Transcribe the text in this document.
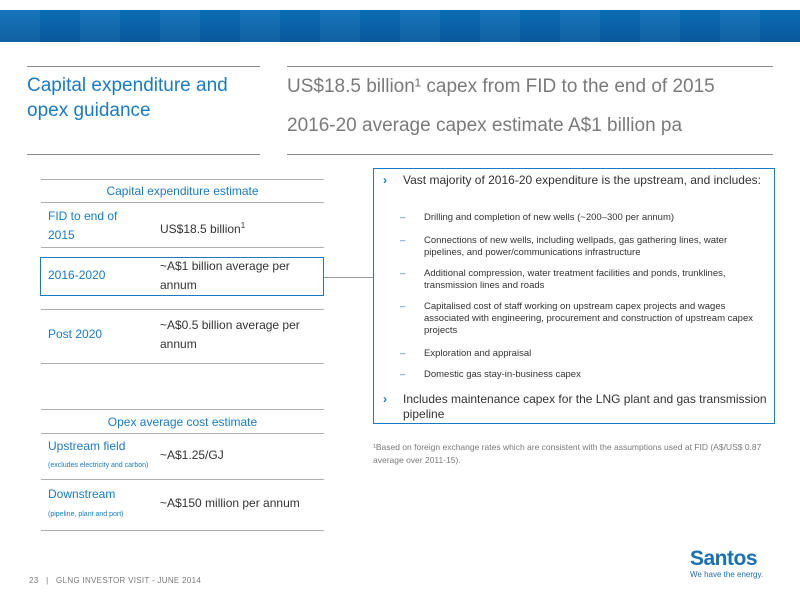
Capital expenditure and opex guidance
US$18.5 billion¹ capex from FID to the end of 2015
2016-20 average capex estimate A$1 billion pa
Capital expenditure estimate
FID to end of 2015	US$18.5 billion$^1$
2016-2020
~A$1 billion average per annum
Post 2020
~A$0.5 billion average per annum
Opex average cost estimate
Upstream field
(excludes electricity and carbon)
~A$1.25/GJ
Downstream
(pipeline, plant and port)
~A$150 million per annum
› Vast majority of 2016-20 expenditure is the upstream, and includes:
– Drilling and completion of new wells (~200–300 per annum)
– Connections of new wells, including wellpads, gas gathering lines, water pipelines, and power/communications infrastructure
– Additional compression, water treatment facilities and ponds, trunklines, transmission lines and roads
– Capitalised cost of staff working on upstream capex projects and wages associated with engineering, procurement and construction of upstream capex projects
– Exploration and appraisal
– Domestic gas stay-in-business capex
› Includes maintenance capex for the LNG plant and gas transmission pipeline
¹Based on foreign exchange rates which are consistent with the assumptions used at FID (A$/US$ 0.87 average over 2011-15).
23 | GLNG INVESTOR VISIT - JUNE 2014
Santos
We have the energy.
